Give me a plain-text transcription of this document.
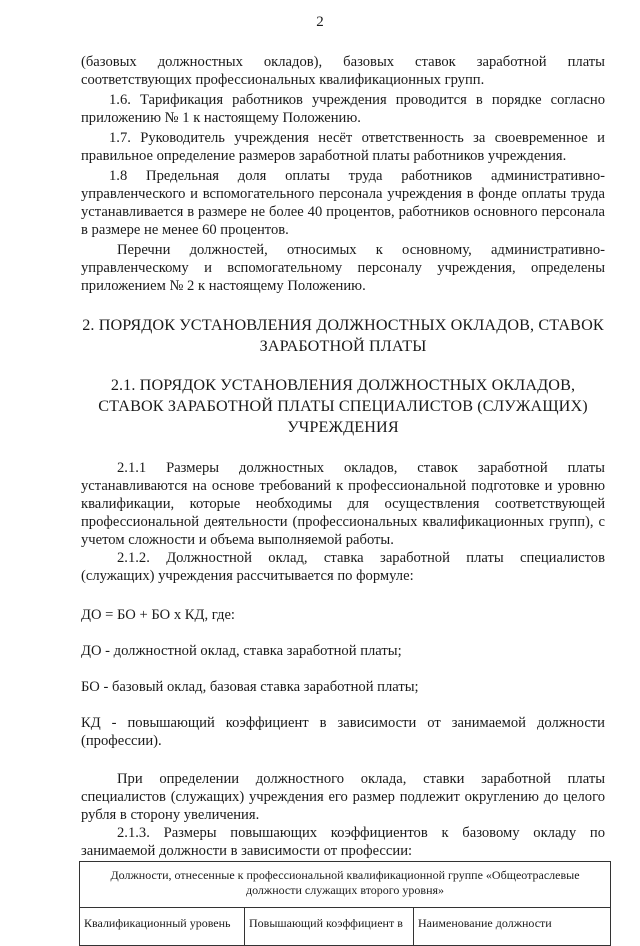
2

(базовых должностных окладов), базовых ставок заработной платы соответствующих профессиональных квалификационных групп.

1.6. Тарификация работников учреждения проводится в порядке согласно приложению № 1 к настоящему Положению.

1.7. Руководитель учреждения несёт ответственность за своевременное и правильное определение размеров заработной платы работников учреждения.

1.8 Предельная доля оплаты труда работников административно-управленческого и вспомогательного персонала учреждения в фонде оплаты труда устанавливается в размере не более 40 процентов, работников основного персонала в размере не менее 60 процентов.

Перечни должностей, относимых к основному, административно-управленческому и вспомогательному персоналу учреждения, определены приложением № 2 к настоящему Положению.

2. ПОРЯДОК УСТАНОВЛЕНИЯ ДОЛЖНОСТНЫХ ОКЛАДОВ, СТАВОК ЗАРАБОТНОЙ ПЛАТЫ
2.1. ПОРЯДОК УСТАНОВЛЕНИЯ ДОЛЖНОСТНЫХ ОКЛАДОВ, СТАВОК ЗАРАБОТНОЙ ПЛАТЫ СПЕЦИАЛИСТОВ (СЛУЖАЩИХ) УЧРЕЖДЕНИЯ

2.1.1 Размеры должностных окладов, ставок заработной платы устанавливаются на основе требований к профессиональной подготовке и уровню квалификации, которые необходимы для осуществления соответствующей профессиональной деятельности (профессиональных квалификационных групп), с учетом сложности и объема выполняемой работы.

2.1.2. Должностной оклад, ставка заработной платы специалистов (служащих) учреждения рассчитывается по формуле:

ДО = БО + БО х КД, где:

ДО - должностной оклад, ставка заработной платы;

БО - базовый оклад, базовая ставка заработной платы;

КД - повышающий коэффициент в зависимости от занимаемой должности (профессии).

При определении должностного оклада, ставки заработной платы специалистов (служащих) учреждения его размер подлежит округлению до целого рубля в сторону увеличения.

2.1.3. Размеры повышающих коэффициентов к базовому окладу по занимаемой должности в зависимости от профессии:

Должности, отнесенные к профессиональной квалификационной группе «Общеотраслевые должности служащих второго уровня»
Квалификационный уровень	Повышающий коэффициент в	Наименование должности
